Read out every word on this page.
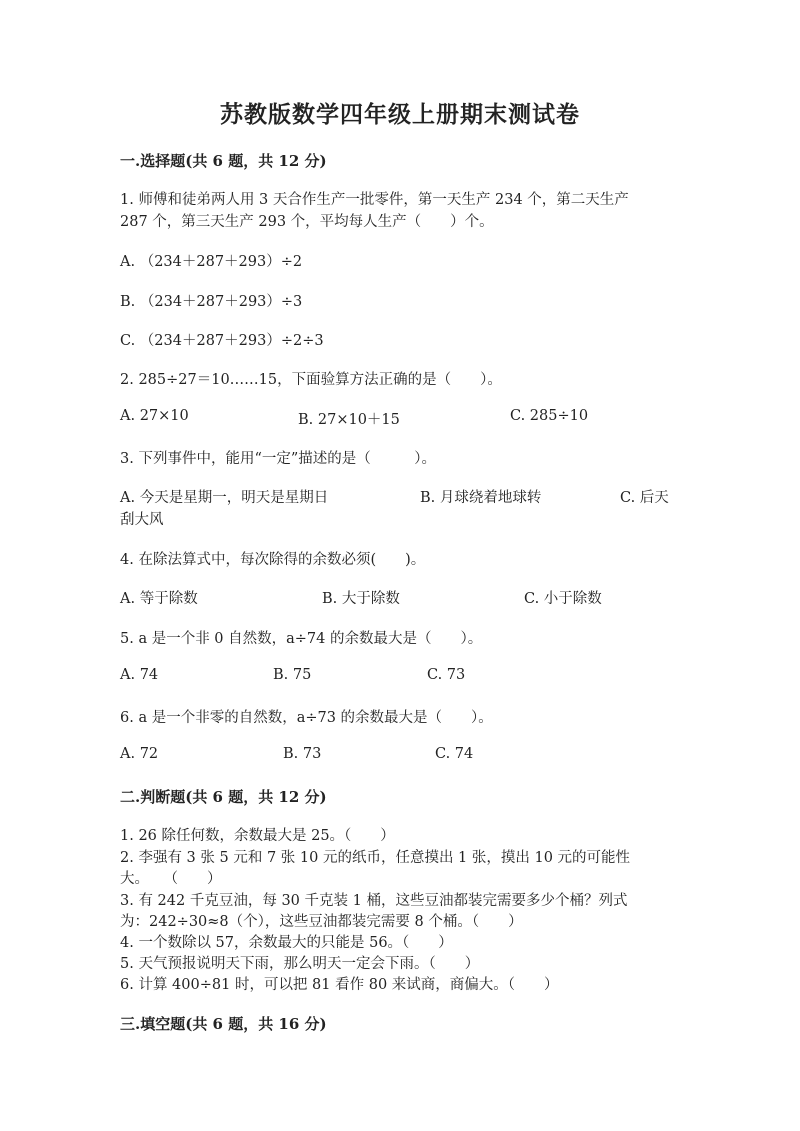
苏教版数学四年级上册期末测试卷
一.选择题(共 6 题，共 12 分)
1. 师傅和徒弟两人用 3 天合作生产一批零件，第一天生产 234 个，第二天生产
287 个，第三天生产 293 个，平均每人生产（　　）个。
A. （234＋287＋293）÷2
B. （234＋287＋293）÷3
C. （234＋287＋293）÷2÷3
2. 285÷27＝10……15，下面验算方法正确的是（　　）。
A. 27×10	B. 27×10＋15	C. 285÷10
3. 下列事件中，能用“一定”描述的是（　　　）。
A. 今天是星期一，明天是星期日	B. 月球绕着地球转	C. 后天
刮大风
4. 在除法算式中，每次除得的余数必须(　　)。
A. 等于除数	B. 大于除数	C. 小于除数
5. a 是一个非 0 自然数，a÷74 的余数最大是（　　）。
A. 74	B. 75	C. 73
6. a 是一个非零的自然数，a÷73 的余数最大是（　　）。
A. 72	B. 73	C. 74
二.判断题(共 6 题，共 12 分)
1. 26 除任何数，余数最大是 25。（　　）
2. 李强有 3 张 5 元和 7 张 10 元的纸币，任意摸出 1 张，摸出 10 元的可能性
大。　　（　　）
3. 有 242 千克豆油，每 30 千克装 1 桶，这些豆油都装完需要多少个桶？列式
为：242÷30≈8（个），这些豆油都装完需要 8 个桶。（　　）
4. 一个数除以 57，余数最大的只能是 56。（　　）
5. 天气预报说明天下雨，那么明天一定会下雨。（　　）
6. 计算 400÷81 时，可以把 81 看作 80 来试商，商偏大。（　　）
三.填空题(共 6 题，共 16 分)
